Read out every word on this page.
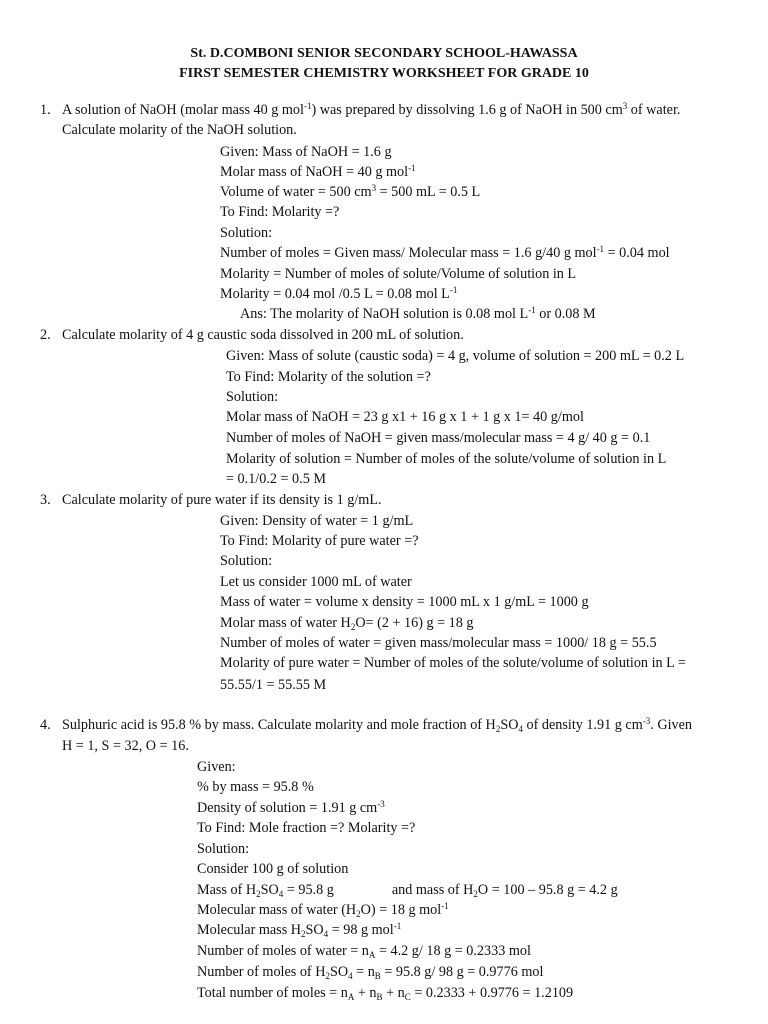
St. D.COMBONI SENIOR SECONDARY SCHOOL-HAWASSA
FIRST SEMESTER CHEMISTRY WORKSHEET FOR GRADE 10
1. A solution of NaOH (molar mass 40 g mol$^{-1}$) was prepared by dissolving 1.6 g of NaOH in 500 $cm^3$ of water.
Calculate molarity of the NaOH solution.
Given: Mass of NaOH = 1.6 g
Molar mass of NaOH = 40 g mol$^{-1}$
Volume of water = 500 $cm^3 = 500$ mL = 0.5 L
To Find: Molarity =?
Solution:
Number of moles = Given mass/ Molecular mass = 1.6 g/40 g mol$^{-1}$ = 0.04 mol
Molarity = Number of moles of solute/Volume of solution in L
Molarity = 0.04 mol /0.5 L = 0.08 mol $L^{-1}$
Ans: The molarity of NaOH solution is 0.08 mol $L^{-1}$ or 0.08 M
2. Calculate molarity of 4 g caustic soda dissolved in 200 mL of solution.
Given: Mass of solute (caustic soda) = 4 g, volume of solution = 200 mL = 0.2 L
To Find: Molarity of the solution =?
Solution:
Molar mass of NaOH = 23 g x1 + 16 g x 1 + 1 g x 1= 40 g/mol
Number of moles of NaOH = given mass/molecular mass = 4 g/ 40 g = 0.1
Molarity of solution = Number of moles of the solute/volume of solution in L
= 0.1/0.2 = 0.5 M
3. Calculate molarity of pure water if its density is 1 g/mL.
Given: Density of water = 1 g/mL
To Find: Molarity of pure water =?
Solution:
Let us consider 1000 mL of water
Mass of water = volume x density = 1000 mL x 1 g/mL = 1000 g
Molar mass of water $H_2O= (2 + 16) g = 18$ g
Number of moles of water = given mass/molecular mass = 1000/ 18 g = 55.5
Molarity of pure water = Number of moles of the solute/volume of solution in L =
55.55/1 = 55.55 M
4. Sulphuric acid is 95.8 % by mass. Calculate molarity and mole fraction of $H_2SO_4$ of density 1.91 g $cm^{-3}$. Given
H = 1, S = 32, O = 16.
Given:
% by mass = 95.8 %
Density of solution = 1.91 g $cm^{-3}$
To Find: Mole fraction =? Molarity =?
Solution:
Consider 100 g of solution
Mass of $H_2SO_4 = 95.8$ g	and mass of $H_2O = 100 - 95.8$ g = 4.2 g
Molecular mass of water $(H_2O) = 18$ g mol$^{-1}$
Molecular mass $H_2SO_4 = 98$ g mol$^{-1}$
Number of moles of water = $n_A = 4.2$ g/ 18 g = 0.2333 mol
Number of moles of $H_2SO_4 = n_B = 95.8$ g/ 98 g = 0.9776 mol
Total number of moles = $n_A + n_B + n_C = 0.2333 + 0.9776 = 1.2109$
